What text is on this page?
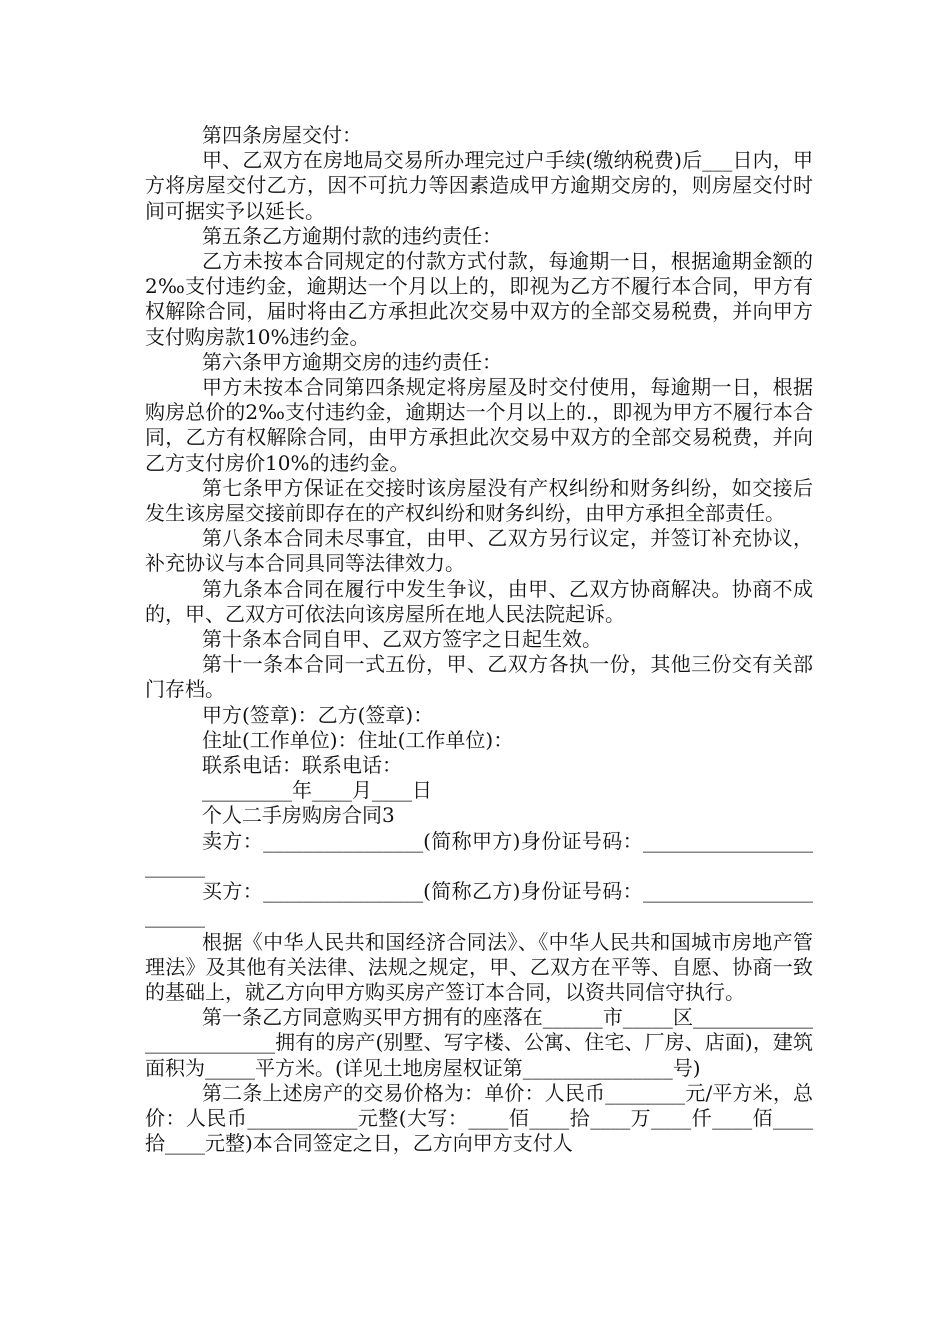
第四条房屋交付：

甲、乙双方在房地局交易所办理完过户手续(缴纳税费)后___日内，甲方将房屋交付乙方，因不可抗力等因素造成甲方逾期交房的，则房屋交付时间可据实予以延长。

第五条乙方逾期付款的违约责任：

乙方未按本合同规定的付款方式付款，每逾期一日，根据逾期金额的2‰支付违约金，逾期达一个月以上的，即视为乙方不履行本合同，甲方有权解除合同，届时将由乙方承担此次交易中双方的全部交易税费，并向甲方支付购房款10%违约金。

第六条甲方逾期交房的违约责任：

甲方未按本合同第四条规定将房屋及时交付使用，每逾期一日，根据购房总价的2‰支付违约金，逾期达一个月以上的.，即视为甲方不履行本合同，乙方有权解除合同，由甲方承担此次交易中双方的全部交易税费，并向乙方支付房价10%的违约金。

第七条甲方保证在交接时该房屋没有产权纠纷和财务纠纷，如交接后发生该房屋交接前即存在的产权纠纷和财务纠纷，由甲方承担全部责任。

第八条本合同未尽事宜，由甲、乙双方另行议定，并签订补充协议，补充协议与本合同具同等法律效力。

第九条本合同在履行中发生争议，由甲、乙双方协商解决。协商不成的，甲、乙双方可依法向该房屋所在地人民法院起诉。

第十条本合同自甲、乙双方签字之日起生效。

第十一条本合同一式五份，甲、乙双方各执一份，其他三份交有关部门存档。

甲方(签章)：乙方(签章)：

住址(工作单位)：住址(工作单位)：

联系电话：联系电话：

_________年____月____日

个人二手房购房合同3

卖方：________________(简称甲方)身份证号码：_______________________

买方：________________(简称乙方)身份证号码：_______________________

根据《中华人民共和国经济合同法》、《中华人民共和国城市房地产管理法》及其他有关法律、法规之规定，甲、乙双方在平等、自愿、协商一致的基础上，就乙方向甲方购买房产签订本合同，以资共同信守执行。

第一条乙方同意购买甲方拥有的座落在______市_____区_________________________拥有的房产(别墅、写字楼、公寓、住宅、厂房、店面)，建筑面积为_____平方米。(详见土地房屋权证第_______________号)

第二条上述房产的交易价格为：单价：人民币________元/平方米，总价：人民币___________元整(大写：____佰____拾____万____仟____佰____拾____元整)本合同签定之日，乙方向甲方支付人
